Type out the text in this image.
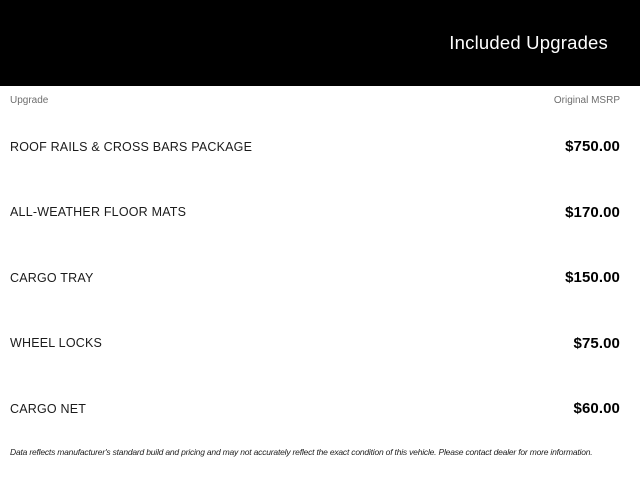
Included Upgrades
Upgrade	Original MSRP
ROOF RAILS & CROSS BARS PACKAGE	$750.00
ALL-WEATHER FLOOR MATS	$170.00
CARGO TRAY	$150.00
WHEEL LOCKS	$75.00
CARGO NET	$60.00
Data reflects manufacturer's standard build and pricing and may not accurately reflect the exact condition of this vehicle. Please contact dealer for more information.
